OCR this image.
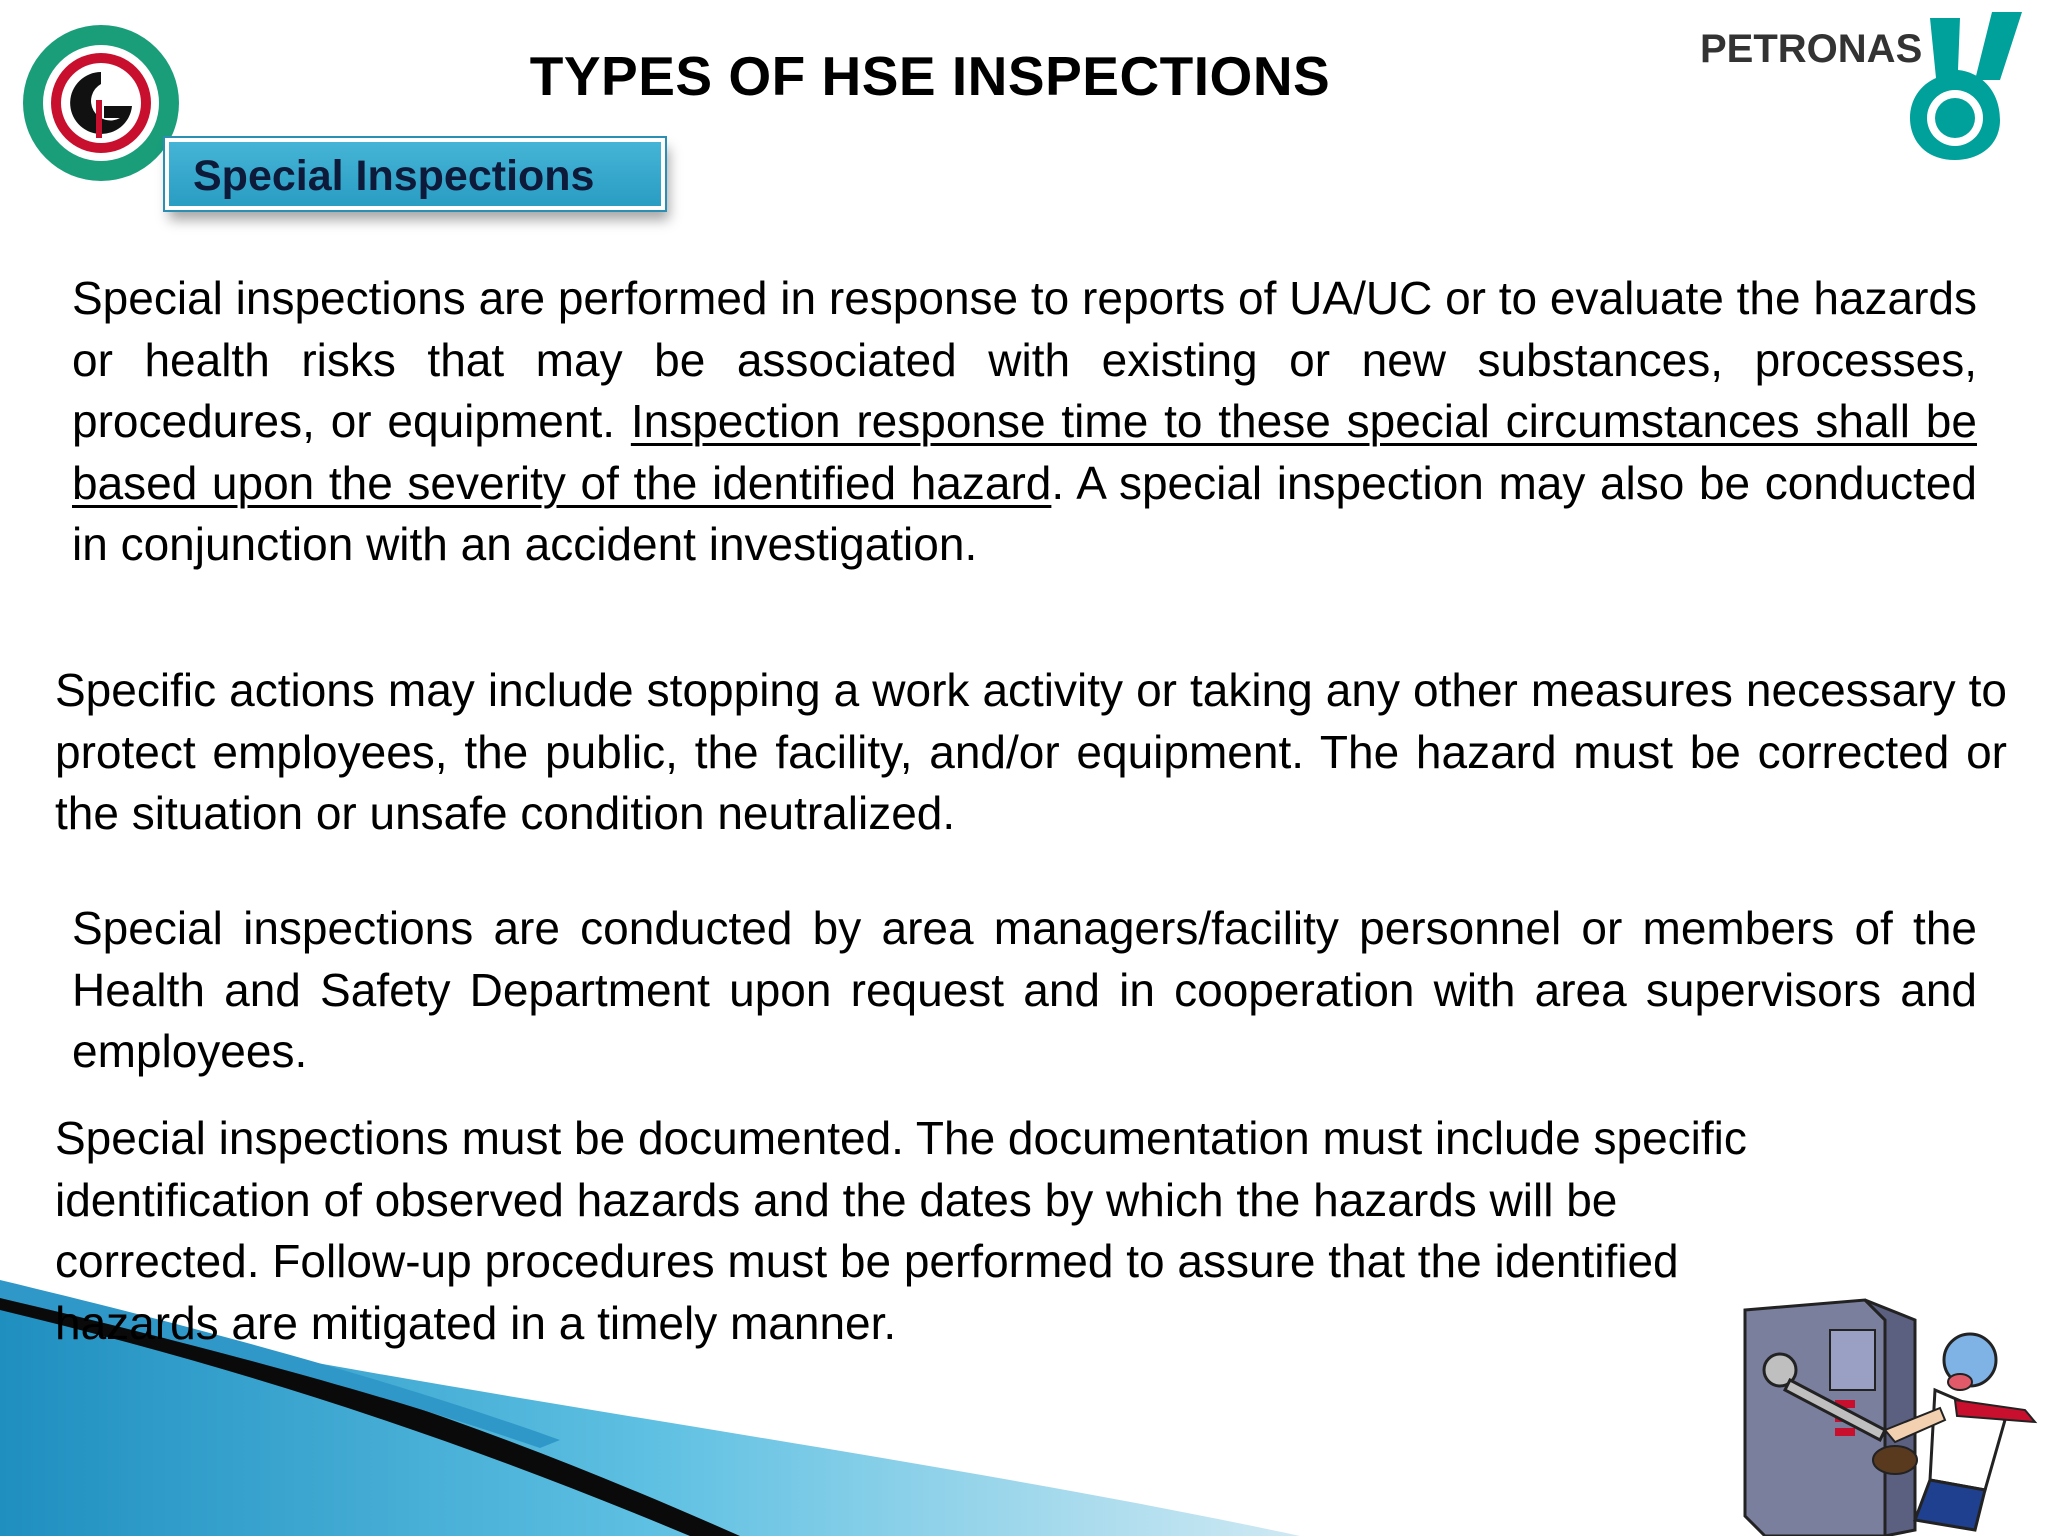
PETRONAS
TYPES OF HSE INSPECTIONS
Special Inspections

Special inspections are performed in response to reports of UA/UC or to evaluate the hazards or health risks that may be associated with existing or new substances, processes, procedures, or equipment. Inspection response time to these special circumstances shall be based upon the severity of the identified hazard. A special inspection may also be conducted in conjunction with an accident investigation.

Specific actions may include stopping a work activity or taking any other measures necessary to protect employees, the public, the facility, and/or equipment. The hazard must be corrected or the situation or unsafe condition neutralized.

Special inspections are conducted by area managers/facility personnel or members of the Health and Safety Department upon request and in cooperation with area supervisors and employees.

Special inspections must be documented. The documentation must include specific
identification of observed hazards and the dates by which the hazards will be
corrected. Follow-up procedures must be performed to assure that the identified
hazards are mitigated in a timely manner.
